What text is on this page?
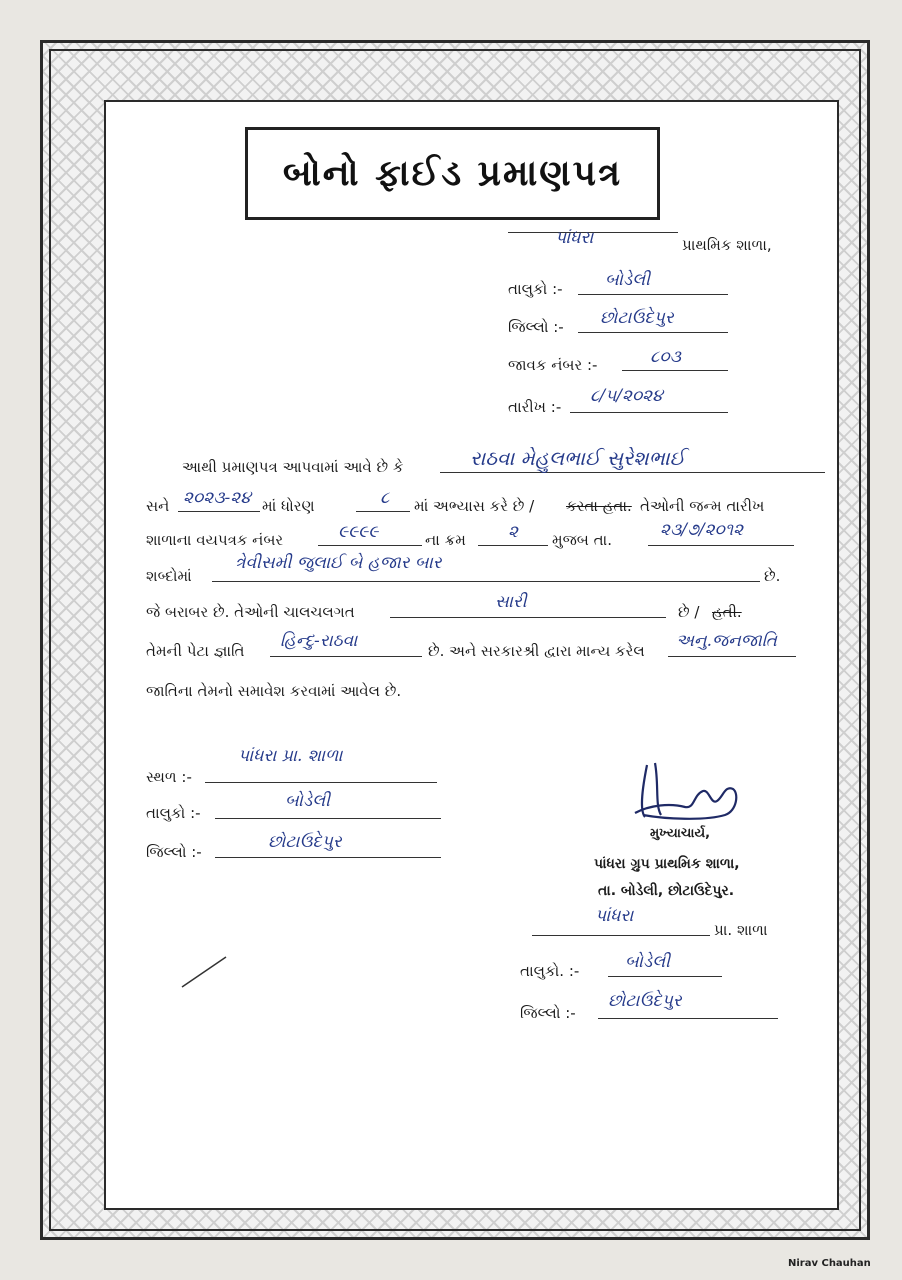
બોનો ફાઈડ પ્રમાણપત્ર
પાંધરા	પ્રાથમિક શાળા,
તાલુકો :- બોડેલી
જિલ્લો :- છોટાઉદેપુર
જાવક નંબર :-	૮૦૩
તારીખ :-
૮/૫/૨૦૨૪
આથી પ્રમાણપત્ર આપવામાં આવે છે કે	રાઠવા મેહુલભાઈ સુરેશભાઈ
સને ૨૦૨૩-૨૪ માં ધોરણ	૮ માં અભ્યાસ કરે છે / કરતા હતા. તેઓની જન્મ તારીખ
શાળાના વયપત્રક નંબર	૯૯૯૯	ના ક્રમ ૨ મુજબ તા.	૨૩/૭/૨૦૧૨
શબ્દોમાં
ત્રેવીસમી જુલાઈ બે હજાર બાર
છે.
જે બરાબર છે. તેઓની ચાલચલગત	સારી	છે / હતી.
તેમની પેટા જ્ઞાતિ હિન્દુ-રાઠવા	છે. અને સરકારશ્રી દ્વારા માન્ય કરેલ અનુ.જનજાતિ
જાતિના તેમનો સમાવેશ કરવામાં આવેલ છે.
સ્થળ :-
પાંધરા પ્રા. શાળા
તાલુકો :-
બોડેલી
જિલ્લો :-	છોટાઉદેપુર	મુખ્યાચાર્ય,
પાંધરા ગ્રુપ પ્રાથમિક શાળા,
તા. બોડેલી, છોટાઉદેપુર.
પાંધરા
પ્રા. શાળા
તાલુકો. :-	બોડેલી
જિલ્લો :-
છોટાઉદેપુર
Nirav Chauhan
